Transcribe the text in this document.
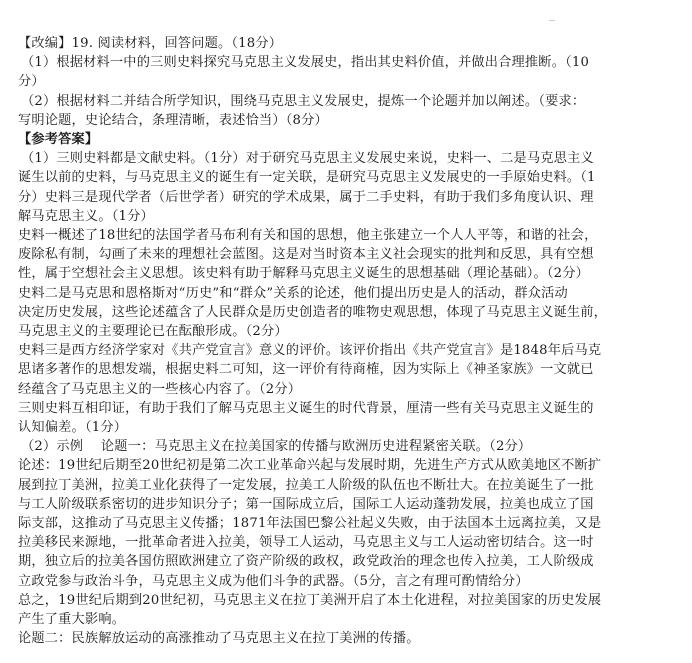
【改编】19. 阅读材料，回答问题。（18分）
（1）根据材料一中的三则史料探究马克思主义发展史，指出其史料价值，并做出合理推断。（10
分）
（2）根据材料二并结合所学知识，围绕马克思主义发展史，提炼一个论题并加以阐述。（要求：
写明论题，史论结合，条理清晰，表述恰当）（8分）
【参考答案】
（1）三则史料都是文献史料。（1分）对于研究马克思主义发展史来说，史料一、二是马克思主义
诞生以前的史料，与马克思主义的诞生有一定关联，是研究马克思主义发展史的一手原始史料。（1
分）史料三是现代学者（后世学者）研究的学术成果，属于二手史料，有助于我们多角度认识、理
解马克思主义。（1分）
史料一概述了18世纪的法国学者马布利有关和国的思想，他主张建立一个人人平等，和谐的社会，
废除私有制，勾画了未来的理想社会蓝图。这是对当时资本主义社会现实的批判和反思，具有空想
性，属于空想社会主义思想。该史料有助于解释马克思主义诞生的思想基础（理论基础）。（2分）
史料二是马克思和恩格斯对“历史”和“群众”关系的论述，他们提出历史是人的活动，群众活动
决定历史发展，这些论述蕴含了人民群众是历史创造者的唯物史观思想，体现了马克思主义诞生前，
马克思主义的主要理论已在酝酿形成。（2分）
史料三是西方经济学家对《共产党宣言》意义的评价。该评价指出《共产党宣言》是1848年后马克
思诸多著作的思想发端，根据史料二可知，这一评价有待商榷，因为实际上《神圣家族》一文就已
经蕴含了马克思主义的一些核心内容了。（2分）
三则史料互相印证，有助于我们了解马克思主义诞生的时代背景，厘清一些有关马克思主义诞生的
认知偏差。（1分）
（2）示例　 论题一：马克思主义在拉美国家的传播与欧洲历史进程紧密关联。（2分）
论述：19世纪后期至20世纪初是第二次工业革命兴起与发展时期，先进生产方式从欧美地区不断扩
展到拉丁美洲，拉美工业化获得了一定发展，拉美工人阶级的队伍也不断壮大。在拉美诞生了一批
与工人阶级联系密切的进步知识分子；第一国际成立后，国际工人运动蓬勃发展，拉美也成立了国
际支部，这推动了马克思主义传播；1871年法国巴黎公社起义失败，由于法国本土远离拉美，又是
拉美移民来源地，一批革命者进入拉美，领导工人运动，马克思主义与工人运动密切结合。这一时
期，独立后的拉美各国仿照欧洲建立了资产阶级的政权，政党政治的理念也传入拉美，工人阶级成
立政党参与政治斗争，马克思主义成为他们斗争的武器。（5分，言之有理可酌情给分）
总之，19世纪后期到20世纪初，马克思主义在拉丁美洲开启了本土化进程，对拉美国家的历史发展
产生了重大影响。
论题二：民族解放运动的高涨推动了马克思主义在拉丁美洲的传播。
